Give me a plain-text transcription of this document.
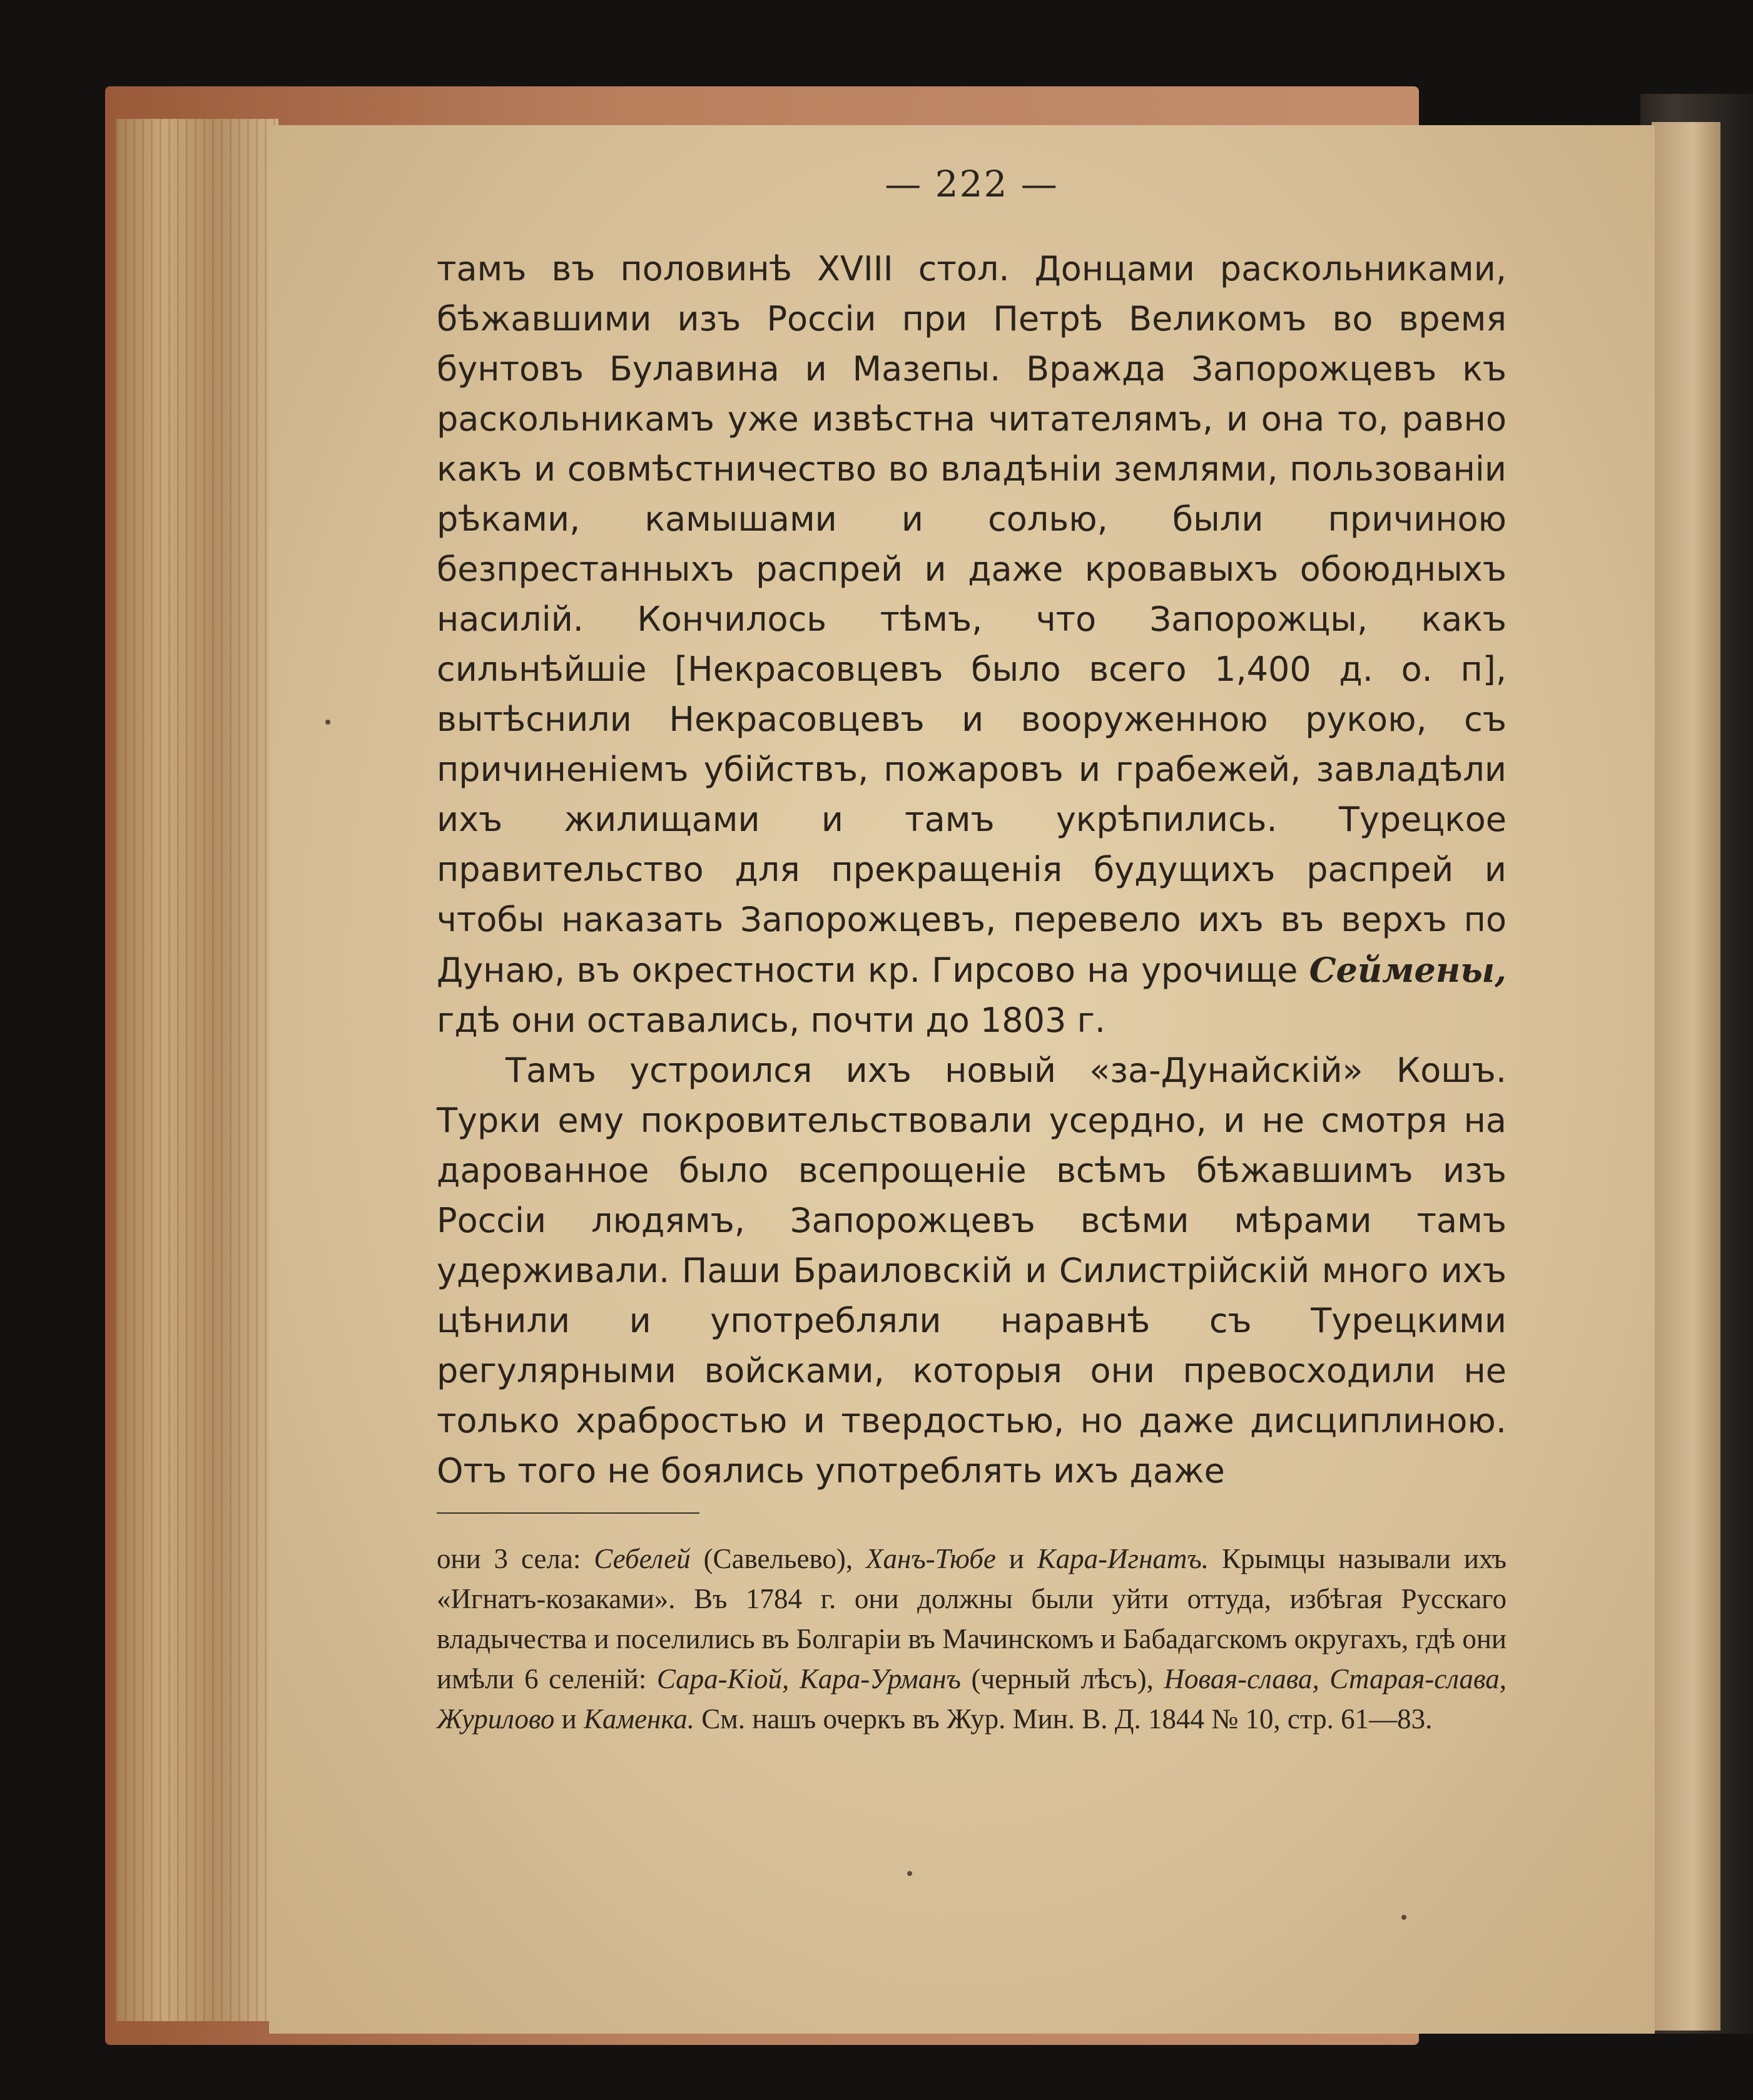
— 222 —

тамъ въ половинѣ XVIII стол. Донцами раскольниками, бѣжавшими изъ Россіи при Петрѣ Великомъ во время бунтовъ Булавина и Мазепы. Вражда Запорожцевъ къ раскольникамъ уже извѣстна читателямъ, и она то, равно какъ и совмѣстничество во владѣніи землями, пользованіи рѣками, камышами и солью, были причиною безпрестанныхъ распрей и даже кровавыхъ обоюдныхъ насилій. Кончилось тѣмъ, что Запорожцы, какъ сильнѣйшіе [Некрасовцевъ было всего 1,400 д. о. п], вытѣснили Некрасовцевъ и вооруженною рукою, съ причиненіемъ убійствъ, пожаровъ и грабежей, завладѣли ихъ жилищами и тамъ укрѣпились. Турецкое правительство для прекращенія будущихъ распрей и чтобы наказать Запорожцевъ, перевело ихъ въ верхъ по Дунаю, въ окрестности кр. Гирсово на урочище Сеймены, гдѣ они оставались, почти до 1803 г.

Тамъ устроился ихъ новый «за-Дунайскій» Кошъ. Турки ему покровительствовали усердно, и не смотря на дарованное было всепрощеніе всѣмъ бѣжавшимъ изъ Россіи людямъ, Запорожцевъ всѣми мѣрами тамъ удерживали. Паши Браиловскій и Силистрійскій много ихъ цѣнили и употребляли наравнѣ съ Турецкими регулярными войсками, которыя они превосходили не только храбростью и твердостью, но даже дисциплиною. Отъ того не боялись употреблять ихъ даже

они 3 села: Себелей (Савельево), Ханъ-Тюбе и Кара-Игнатъ. Крымцы называли ихъ «Игнатъ-козаками». Въ 1784 г. они должны были уйти оттуда, избѣгая Русскаго владычества и поселились въ Болгаріи въ Мачинскомъ и Бабадагскомъ округахъ, гдѣ они имѣли 6 селеній: Сара-Кіой, Кара-Урманъ (черный лѣсъ), Новая-слава, Старая-слава, Журилово и Каменка. См. нашъ очеркъ въ Жур. Мин. В. Д. 1844 № 10, стр. 61—83.
